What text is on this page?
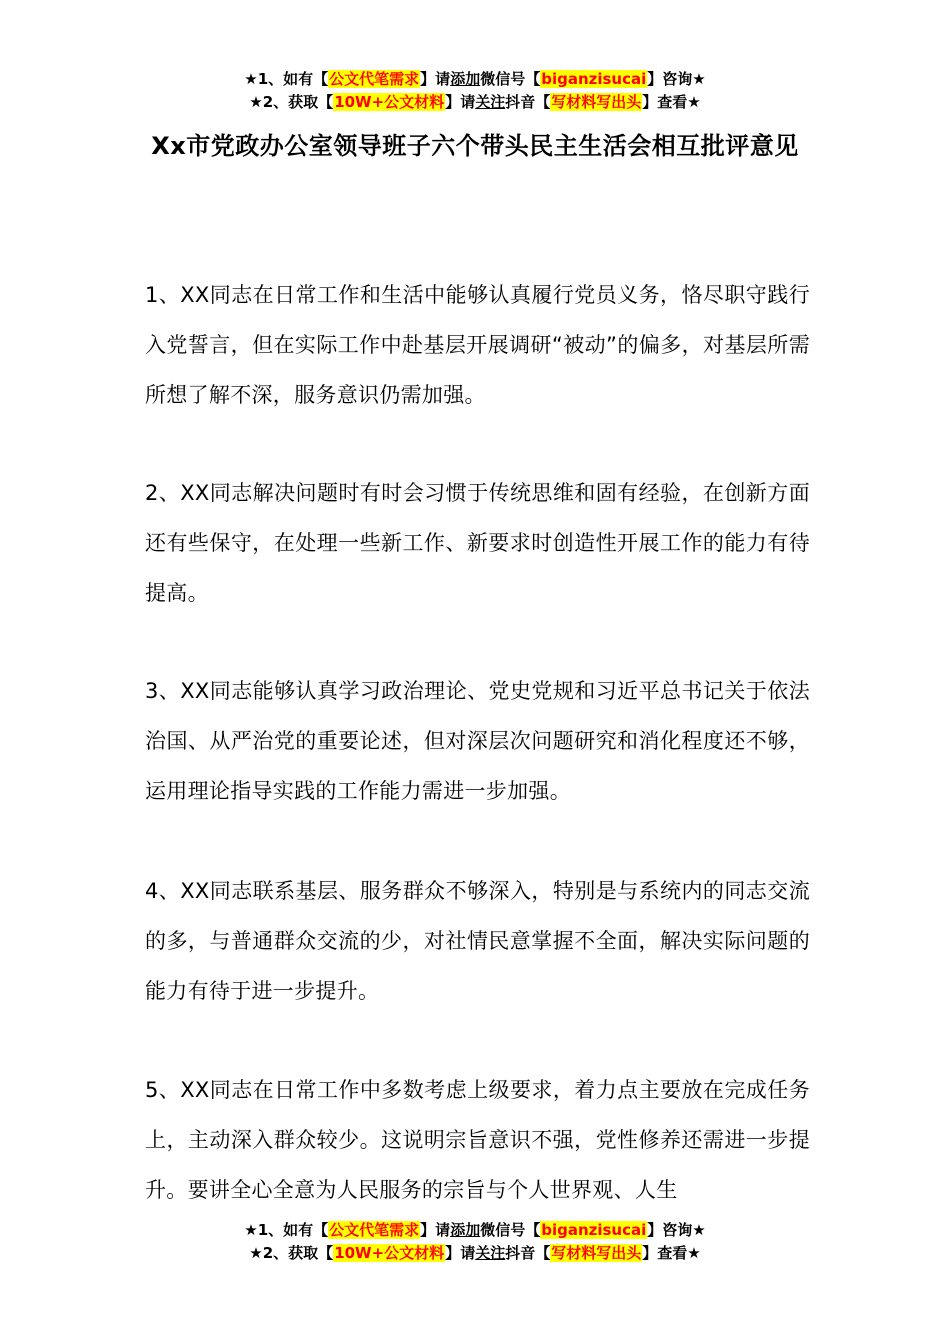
★1、如有【公文代笔需求】请添加微信号【biganzisucai】咨询★
★2、获取【10W+公文材料】请关注抖音【写材料写出头】查看★
Xx市党政办公室领导班子六个带头民主生活会相互批评意见
1、XX同志在日常工作和生活中能够认真履行党员义务，恪尽职守践行入党誓言，但在实际工作中赴基层开展调研“被动”的偏多，对基层所需所想了解不深，服务意识仍需加强。
2、XX同志解决问题时有时会习惯于传统思维和固有经验，在创新方面还有些保守，在处理一些新工作、新要求时创造性开展工作的能力有待提高。
3、XX同志能够认真学习政治理论、党史党规和习近平总书记关于依法治国、从严治党的重要论述，但对深层次问题研究和消化程度还不够，运用理论指导实践的工作能力需进一步加强。
4、XX同志联系基层、服务群众不够深入，特别是与系统内的同志交流的多，与普通群众交流的少，对社情民意掌握不全面，解决实际问题的能力有待于进一步提升。
5、XX同志在日常工作中多数考虑上级要求，着力点主要放在完成任务上，主动深入群众较少。这说明宗旨意识不强，党性修养还需进一步提升。要讲全心全意为人民服务的宗旨与个人世界观、人生
★1、如有【公文代笔需求】请添加微信号【biganzisucai】咨询★
★2、获取【10W+公文材料】请关注抖音【写材料写出头】查看★
